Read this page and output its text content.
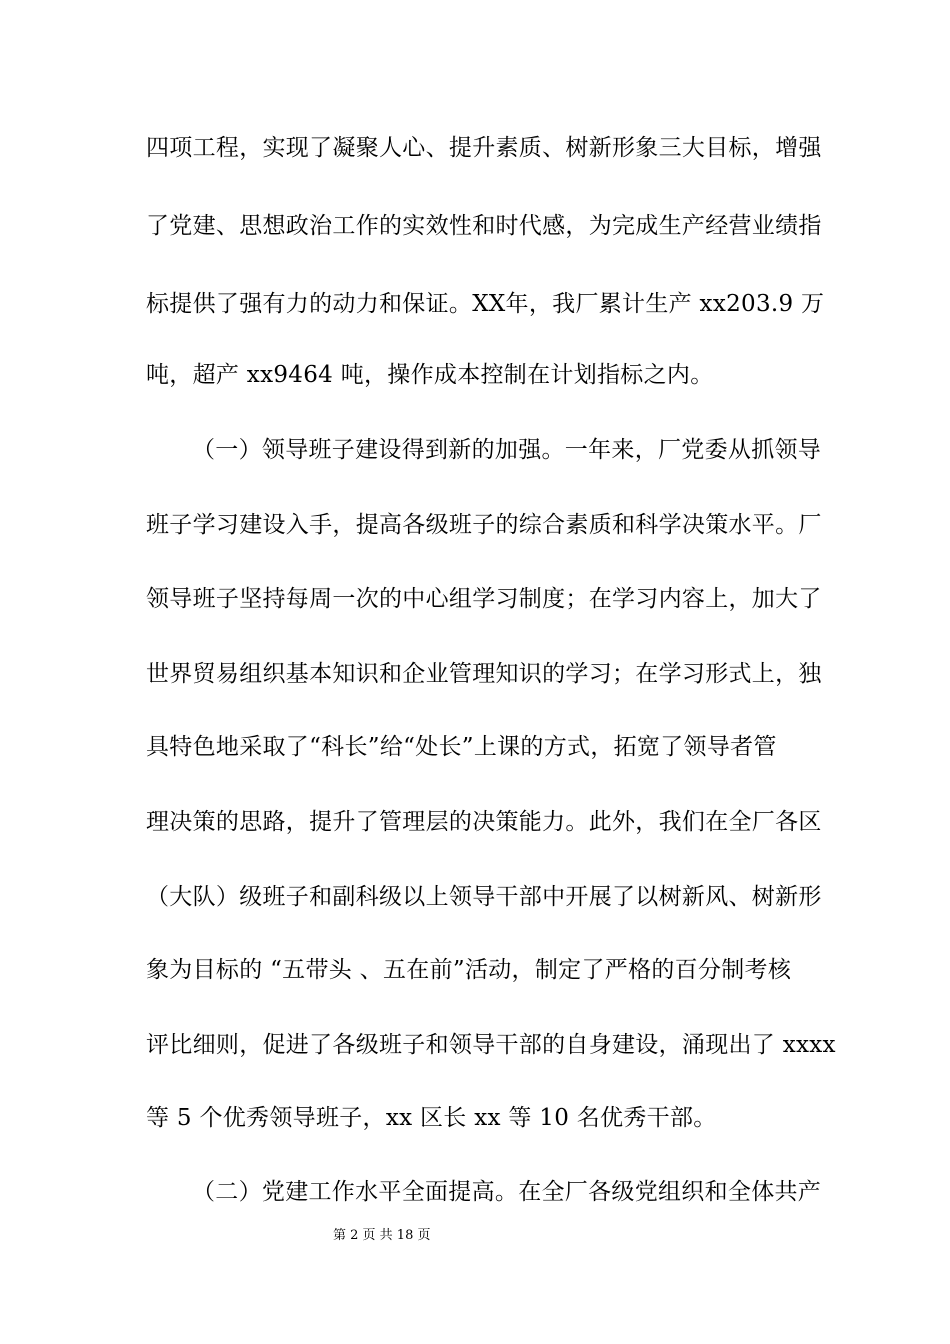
四项工程，实现了凝聚人心、提升素质、树新形象三大目标，增强
了党建、思想政治工作的实效性和时代感，为完成生产经营业绩指
标提供了强有力的动力和保证。XX年，我厂累计生产 xx203.9 万
吨，超产 xx9464 吨，操作成本控制在计划指标之内。
（一）领导班子建设得到新的加强。一年来，厂党委从抓领导
班子学习建设入手，提高各级班子的综合素质和科学决策水平。厂
领导班子坚持每周一次的中心组学习制度；在学习内容上，加大了
世界贸易组织基本知识和企业管理知识的学习；在学习形式上，独
具特色地采取了“科长”给“处长”上课的方式，拓宽了领导者管
理决策的思路，提升了管理层的决策能力。此外，我们在全厂各区
（大队）级班子和副科级以上领导干部中开展了以树新风、树新形
象为目标的 “五带头 、五在前”活动，制定了严格的百分制考核
评比细则，促进了各级班子和领导干部的自身建设，涌现出了 xxxx
等 5 个优秀领导班子，xx 区长 xx 等 10 名优秀干部。
（二）党建工作水平全面提高。在全厂各级党组织和全体共产
第 2 页 共 18 页
